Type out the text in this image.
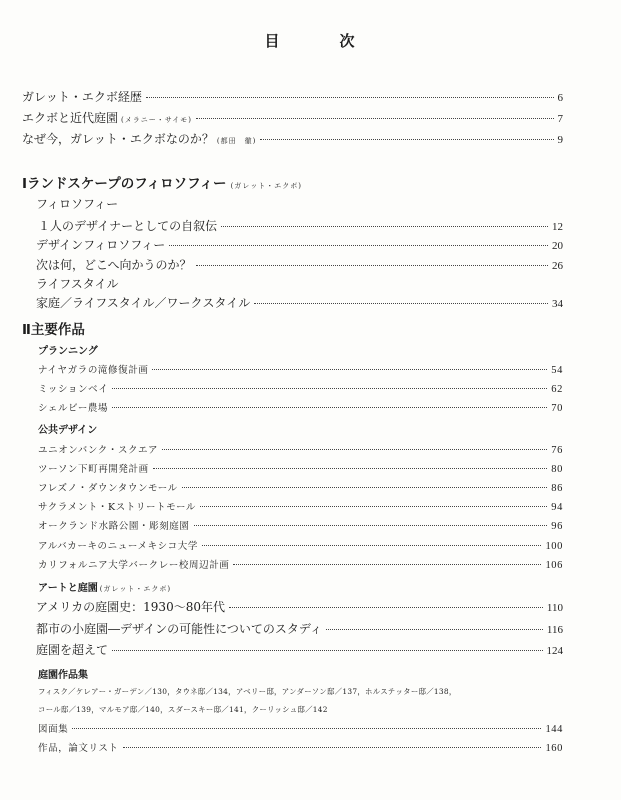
目	次
ガレット・エクボ経歴	6
エクボと近代庭園 (メラニー・サイモ)	7
なぜ今，ガレット・エクボなのか？ (都田　徹)	9
Ⅰランドスケープのフィロソフィー (ガレット・エクボ)
フィロソフィー
１人のデザイナーとしての自叙伝	12
デザインフィロソフィー	20
次は何，どこへ向かうのか？	26
ライフスタイル
家庭／ライフスタイル／ワークスタイル	34
Ⅱ主要作品
プランニング
ナイヤガラの滝修復計画	54
ミッションベイ	62
シェルビー農場	70
公共デザイン
ユニオンバンク・スクエア	76
ツーソン下町再開発計画	80
フレズノ・ダウンタウンモール	86
サクラメント・Kストリートモール	94
オークランド水路公園・彫刻庭園	96
アルバカーキのニューメキシコ大学	100
カリフォルニア大学バークレー校周辺計画	106
アートと庭園 (ガレット・エクボ)
アメリカの庭園史：1930～80年代	110
都市の小庭園―デザインの可能性についてのスタディ	116
庭園を超えて	124
庭園作品集
フィスク／ケレアー・ガーデン／130，タウネ邸／134，アベリー邸，アンダーソン邸／137，ホルステッター邸／138，
コール邸／139，マルモア邸／140，スダースキー邸／141，クーリッシュ邸／142
図面集	144
作品，論文リスト	160
